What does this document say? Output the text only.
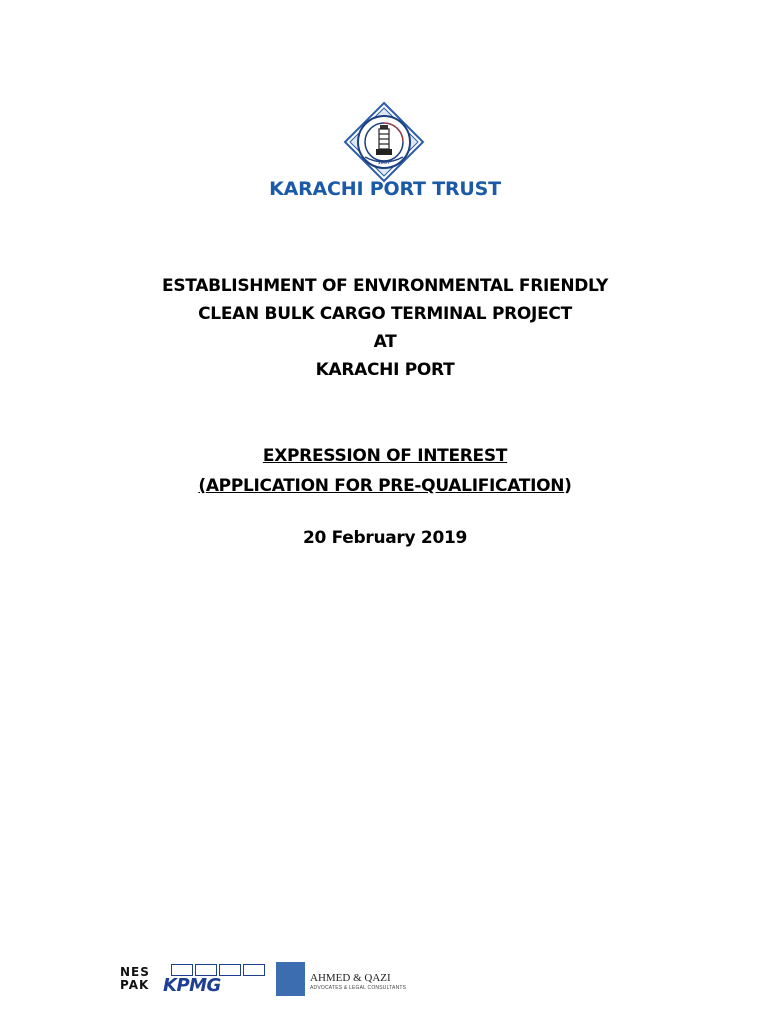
1887
KARACHI PORT TRUST
ESTABLISHMENT OF ENVIRONMENTAL FRIENDLY
CLEAN BULK CARGO TERMINAL PROJECT
AT
KARACHI PORT
EXPRESSION OF INTEREST
(APPLICATION FOR PRE-QUALIFICATION)
20 February 2019
NES
PAK KPMG	AHMED & QAZI
ADVOCATES & LEGAL CONSULTANTS
